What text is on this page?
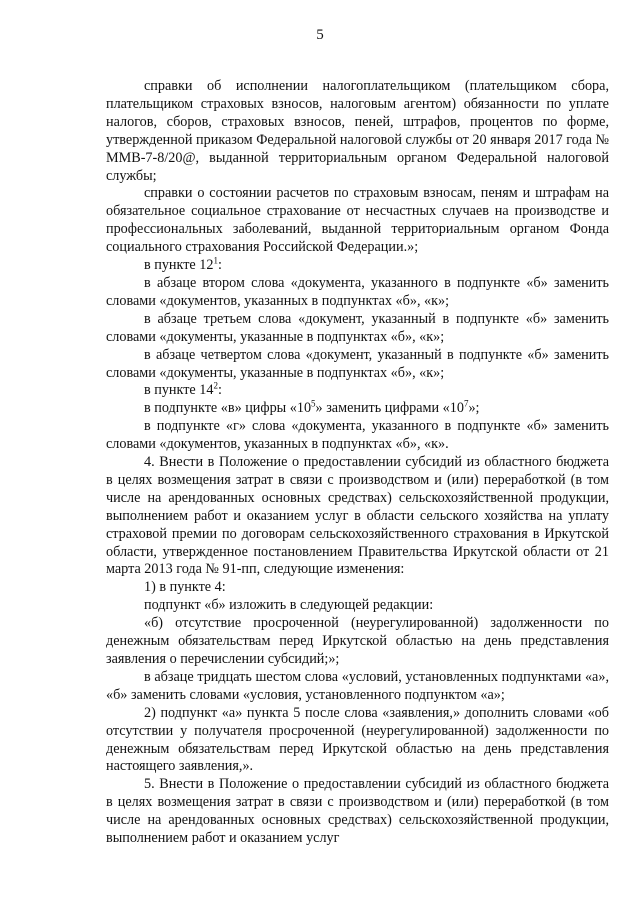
5

справки об исполнении налогоплательщиком (плательщиком сбора, плательщиком страховых взносов, налоговым агентом) обязанности по уплате налогов, сборов, страховых взносов, пеней, штрафов, процентов по форме, утвержденной приказом Федеральной налоговой службы от 20 января 2017 года № ММВ-7-8/20@, выданной территориальным органом Федеральной налоговой службы;

справки о состоянии расчетов по страховым взносам, пеням и штрафам на обязательное социальное страхование от несчастных случаев на производстве и профессиональных заболеваний, выданной территориальным органом Фонда социального страхования Российской Федерации.»;

в пункте $12^1$:

в абзаце втором слова «документа, указанного в подпункте «б» заменить словами «документов, указанных в подпунктах «б», «к»;

в абзаце третьем слова «документ, указанный в подпункте «б» заменить словами «документы, указанные в подпунктах «б», «к»;

в абзаце четвертом слова «документ, указанный в подпункте «б» заменить словами «документы, указанные в подпунктах «б», «к»;

в пункте $14^2$:

в подпункте «в» цифры «$10^5$» заменить цифрами «$10^7$»;

в подпункте «г» слова «документа, указанного в подпункте «б» заменить словами «документов, указанных в подпунктах «б», «к».

4. Внести в Положение о предоставлении субсидий из областного бюджета в целях возмещения затрат в связи с производством и (или) переработкой (в том числе на арендованных основных средствах) сельскохозяйственной продукции, выполнением работ и оказанием услуг в области сельского хозяйства на уплату страховой премии по договорам сельскохозяйственного страхования в Иркутской области, утвержденное постановлением Правительства Иркутской области от 21 марта 2013 года № 91-пп, следующие изменения:

1) в пункте 4:

подпункт «б» изложить в следующей редакции:

«б) отсутствие просроченной (неурегулированной) задолженности по денежным обязательствам перед Иркутской областью на день представления заявления о перечислении субсидий;»;

в абзаце тридцать шестом слова «условий, установленных подпунктами «а», «б» заменить словами «условия, установленного подпунктом «а»;

2) подпункт «а» пункта 5 после слова «заявления,» дополнить словами «об отсутствии у получателя просроченной (неурегулированной) задолженности по денежным обязательствам перед Иркутской областью на день представления настоящего заявления,».

5. Внести в Положение о предоставлении субсидий из областного бюджета в целях возмещения затрат в связи с производством и (или) переработкой (в том числе на арендованных основных средствах) сельскохозяйственной продукции, выполнением работ и оказанием услуг
